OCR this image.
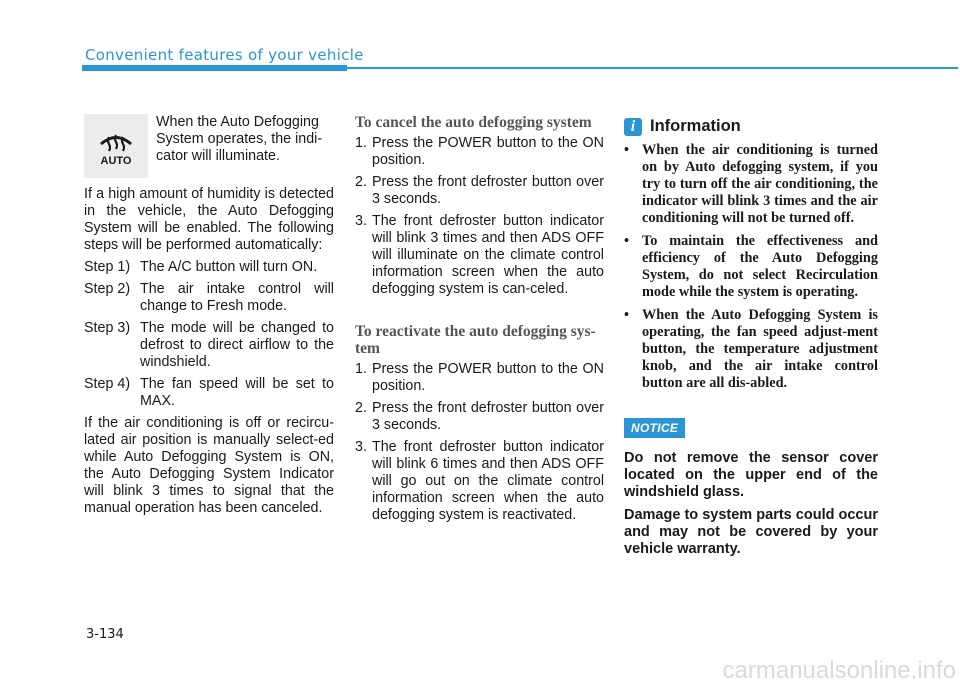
Convenient features of your vehicle
AUTO
When the Auto Defogging System operates, the indi-cator will illuminate.

If a high amount of humidity is detected in the vehicle, the Auto Defogging System will be enabled. The following steps will be performed automatically:

Step 1) The A/C button will turn ON.
Step 2) The air intake control will change to Fresh mode.
Step 3) The mode will be changed to defrost to direct airflow to the windshield.
Step 4) The fan speed will be set to MAX.

If the air conditioning is off or recircu-lated air position is manually select-ed while Auto Defogging System is ON, the Auto Defogging System Indicator will blink 3 times to signal that the manual operation has been canceled.

To cancel the auto defogging system
1. Press the POWER button to the ON position.
2. Press the front defroster button over 3 seconds.
3. The front defroster button indicator will blink 3 times and then ADS OFF will illuminate on the climate control information screen when the auto defogging system is can-celed.
To reactivate the auto defogging sys-tem
1. Press the POWER button to the ON position.
2. Press the front defroster button over 3 seconds.
3. The front defroster button indicator will blink 6 times and then ADS OFF will go out on the climate control information screen when the auto defogging system is reactivated.
i Information
• When the air conditioning is turned on by Auto defogging system, if you try to turn off the air conditioning, the indicator will blink 3 times and the air conditioning will not be turned off.
• To maintain the effectiveness and efficiency of the Auto Defogging System, do not select Recirculation mode while the system is operating.
• When the Auto Defogging System is operating, the fan speed adjust-ment button, the temperature adjustment knob, and the air intake control button are all dis-abled.
NOTICE

Do not remove the sensor cover located on the upper end of the windshield glass.

Damage to system parts could occur and may not be covered by your vehicle warranty.

3-134
carmanualsonline.info
